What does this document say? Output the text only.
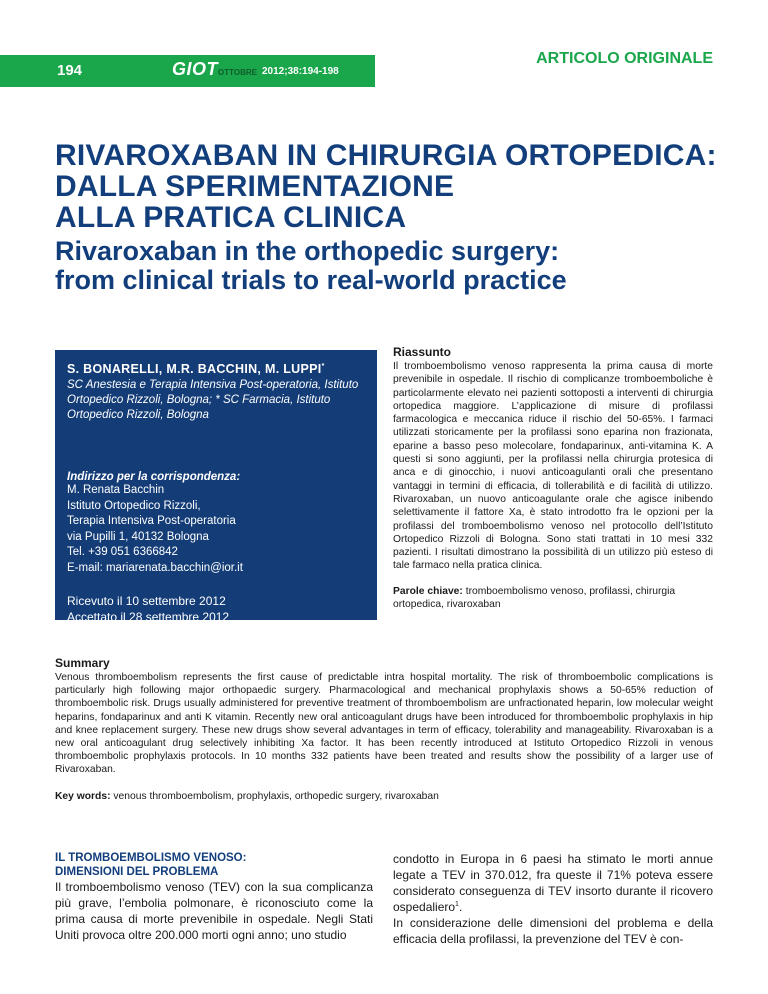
194	GIOT OTTOBRE 2012;38:194-198
ARTICOLO ORIGINALE
RIVAROXABAN IN CHIRURGIA ORTOPEDICA:
DALLA SPERIMENTAZIONE
ALLA PRATICA CLINICA
Rivaroxaban in the orthopedic surgery:
from clinical trials to real-world practice
S. BONARELLI, M.R. BACCHIN, M. LUPPI*
SC Anestesia e Terapia Intensiva Post-operatoria, Istituto Ortopedico Rizzoli, Bologna; * SC Farmacia, Istituto Ortopedico Rizzoli, Bologna
Indirizzo per la corrispondenza:
M. Renata Bacchin
Istituto Ortopedico Rizzoli,
Terapia Intensiva Post-operatoria
via Pupilli 1, 40132 Bologna
Tel. +39 051 6366842
E-mail: mariarenata.bacchin@ior.it
Ricevuto il 10 settembre 2012
Accettato il 28 settembre 2012
Riassunto
Il tromboembolismo venoso rappresenta la prima causa di morte prevenibile in ospedale. Il rischio di complicanze tromboemboliche è particolarmente elevato nei pazienti sottoposti a interventi di chirurgia ortopedica maggiore. L’applicazione di misure di profilassi farmacologica e meccanica riduce il rischio del 50-65%. I farmaci utilizzati storicamente per la profilassi sono eparina non frazionata, eparine a basso peso molecolare, fondaparinux, anti-vitamina K. A questi si sono aggiunti, per la profilassi nella chirurgia protesica di anca e di ginocchio, i nuovi anticoagulanti orali che presentano vantaggi in termini di efficacia, di tollerabilità e di facilità di utilizzo. Rivaroxaban, un nuovo anticoagulante orale che agisce inibendo selettivamente il fattore Xa, è stato introdotto fra le opzioni per la profilassi del tromboembolismo venoso nel protocollo dell’Istituto Ortopedico Rizzoli di Bologna. Sono stati trattati in 10 mesi 332 pazienti. I risultati dimostrano la possibilità di un utilizzo più esteso di tale farmaco nella pratica clinica.
Parole chiave: tromboembolismo venoso, profilassi, chirurgia ortopedica, rivaroxaban
Summary
Venous thromboembolism represents the first cause of predictable intra hospital mortality. The risk of thromboembolic complications is particularly high following major orthopaedic surgery. Pharmacological and mechanical prophylaxis shows a 50-65% reduction of thromboembolic risk. Drugs usually administered for preventive treatment of thromboembolism are unfractionated heparin, low molecular weight heparins, fondaparinux and anti K vitamin. Recently new oral anticoagulant drugs have been introduced for thromboembolic prophylaxis in hip and knee replacement surgery. These new drugs show several advantages in term of efficacy, tolerability and manageability. Rivaroxaban is a new oral anticoagulant drug selectively inhibiting Xa factor. It has been recently introduced at Istituto Ortopedico Rizzoli in venous thromboembolic prophylaxis protocols. In 10 months 332 patients have been treated and results show the possibility of a larger use of Rivaroxaban.
Key words: venous thromboembolism, prophylaxis, orthopedic surgery, rivaroxaban
IL TROMBOEMBOLISMO VENOSO:
DIMENSIONI DEL PROBLEMA
Il tromboembolismo venoso (TEV) con la sua complicanza più grave, l’embolia polmonare, è riconosciuto come la prima causa di morte prevenibile in ospedale. Negli Stati Uniti provoca oltre 200.000 morti ogni anno; uno studio
condotto in Europa in 6 paesi ha stimato le morti annue legate a TEV in 370.012, fra queste il 71% poteva essere considerato conseguenza di TEV insorto durante il ricovero ospedaliero$^1$.
In considerazione delle dimensioni del problema e della efficacia della profilassi, la prevenzione del TEV è con-
